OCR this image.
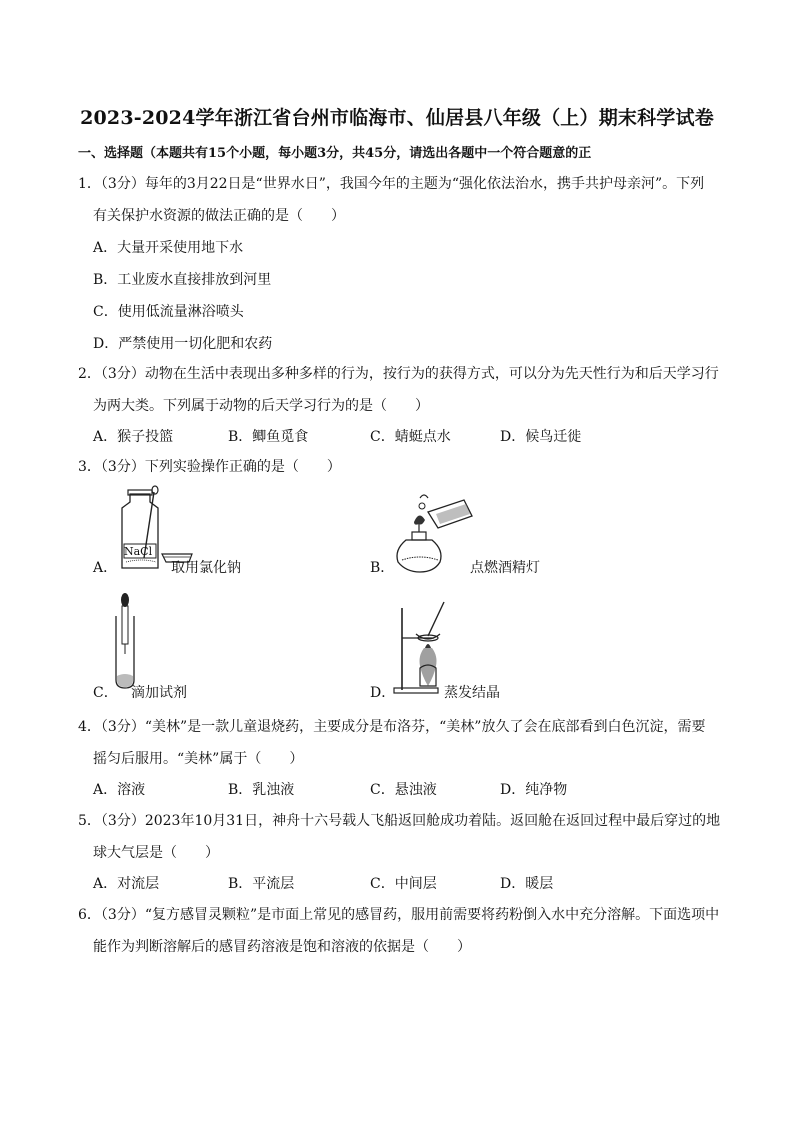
2023-2024学年浙江省台州市临海市、仙居县八年级（上）期末科学试卷
一、选择题（本题共有15个小题，每小题3分，共45分，请选出各题中一个符合题意的正
1．（3分）每年的3月22日是“世界水日”，我国今年的主题为“强化依法治水，携手共护母亲河”。下列
有关保护水资源的做法正确的是（　　）
A．大量开采使用地下水
B．工业废水直接排放到河里
C．使用低流量淋浴喷头
D．严禁使用一切化肥和农药
2．（3分）动物在生活中表现出多种多样的行为，按行为的获得方式，可以分为先天性行为和后天学习行
为两大类。下列属于动物的后天学习行为的是（　　）
A．猴子投篮	B．鲫鱼觅食	C．蜻蜓点水	D．候鸟迁徙
3．（3分）下列实验操作正确的是（　　）
NaCl
A．	取用氯化钠	B．	点燃酒精灯
C． 滴加试剂	D．	蒸发结晶
4．（3分）“美林”是一款儿童退烧药，主要成分是布洛芬，“美林”放久了会在底部看到白色沉淀，需要
摇匀后服用。“美林”属于（　　）
A．溶液	B．乳浊液	C．悬浊液	D．纯净物
5．（3分）2023年10月31日，神舟十六号载人飞船返回舱成功着陆。返回舱在返回过程中最后穿过的地
球大气层是（　　）
A．对流层	B．平流层	C．中间层	D．暖层
6．（3分）“复方感冒灵颗粒”是市面上常见的感冒药，服用前需要将药粉倒入水中充分溶解。下面选项中
能作为判断溶解后的感冒药溶液是饱和溶液的依据是（　　）
